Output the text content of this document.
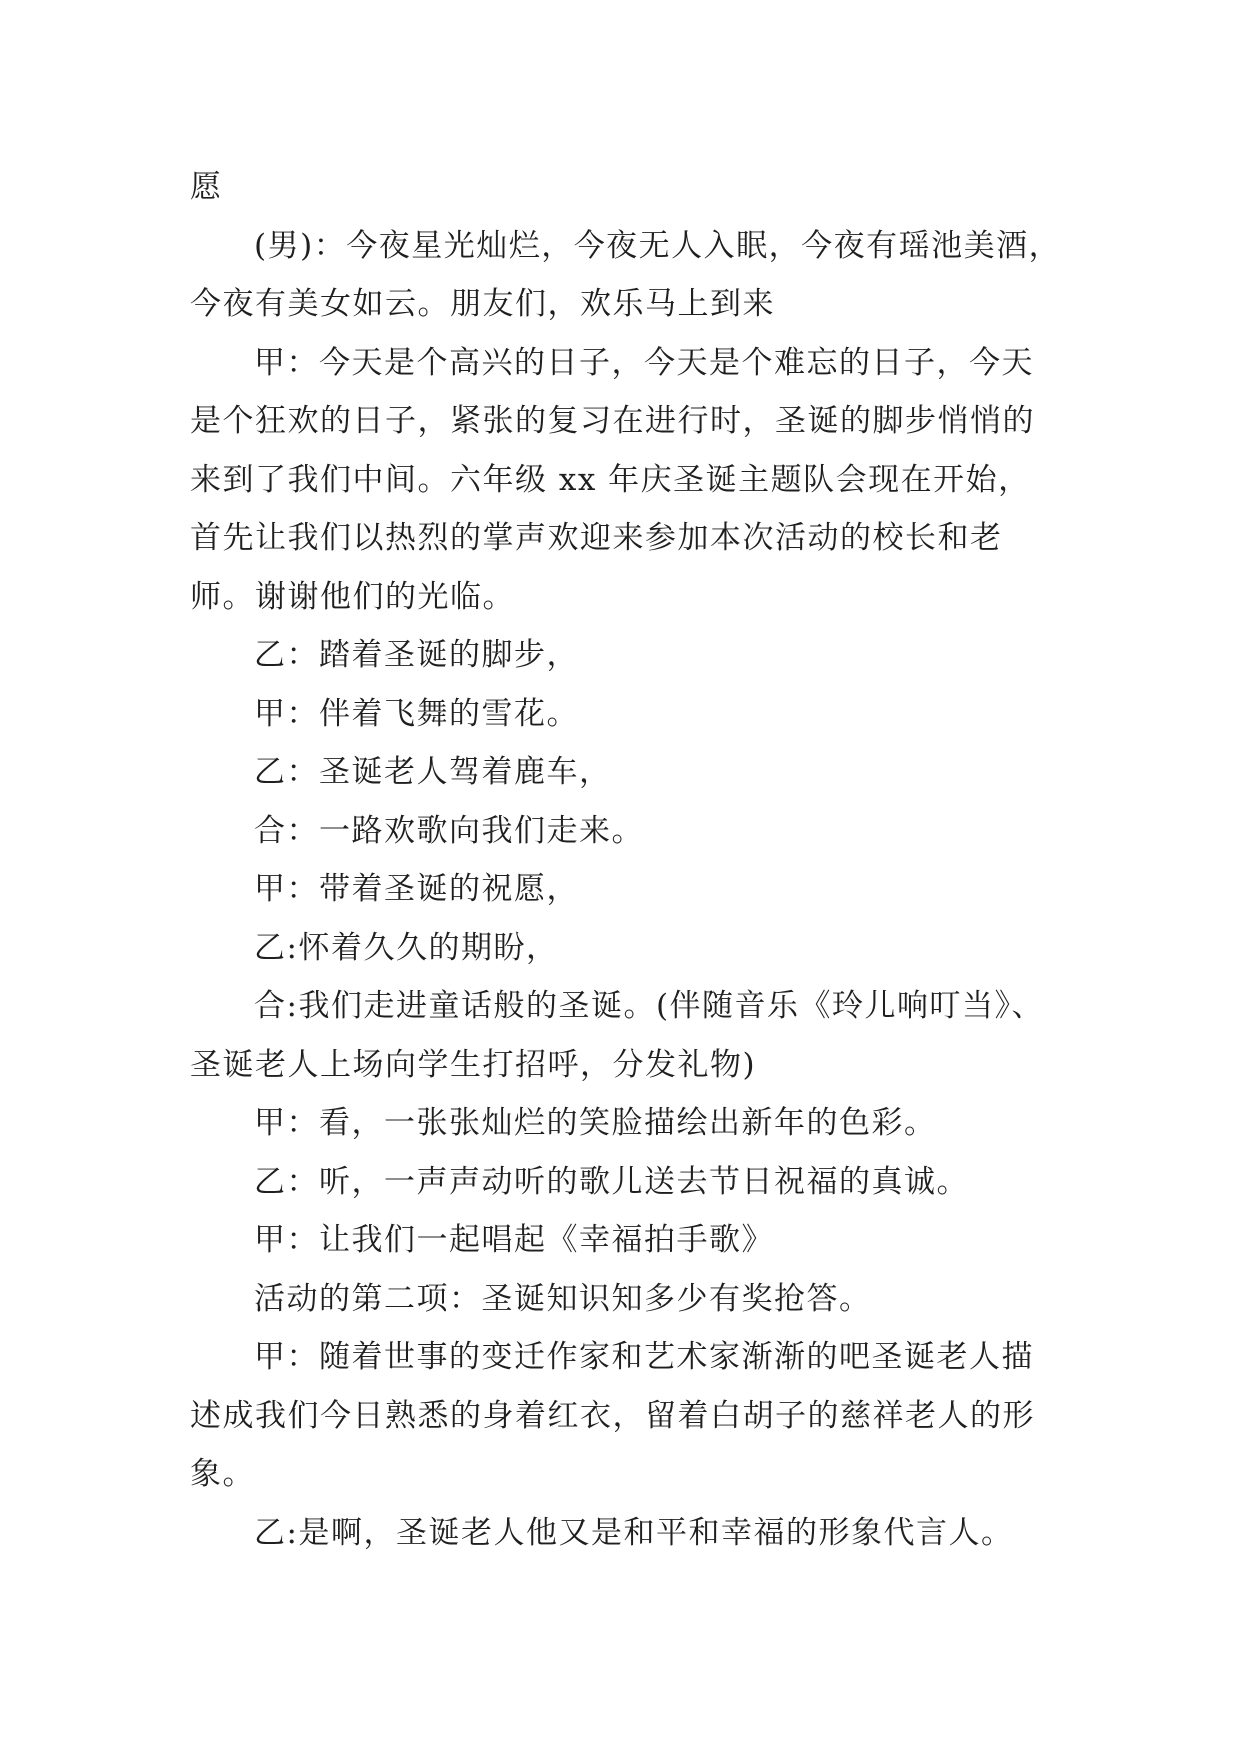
愿
(男)：今夜星光灿烂，今夜无人入眠，今夜有瑶池美酒，
今夜有美女如云。朋友们，欢乐马上到来
甲：今天是个高兴的日子，今天是个难忘的日子，今天
是个狂欢的日子，紧张的复习在进行时，圣诞的脚步悄悄的
来到了我们中间。六年级 xx 年庆圣诞主题队会现在开始，
首先让我们以热烈的掌声欢迎来参加本次活动的校长和老
师。谢谢他们的光临。
乙：踏着圣诞的脚步，
甲：伴着飞舞的雪花。
乙：圣诞老人驾着鹿车，
合：一路欢歌向我们走来。
甲：带着圣诞的祝愿，
乙:怀着久久的期盼，
合:我们走进童话般的圣诞。(伴随音乐《玲儿响叮当》、
圣诞老人上场向学生打招呼，分发礼物)
甲：看，一张张灿烂的笑脸描绘出新年的色彩。
乙：听，一声声动听的歌儿送去节日祝福的真诚。
甲：让我们一起唱起《幸福拍手歌》
活动的第二项：圣诞知识知多少有奖抢答。
甲：随着世事的变迁作家和艺术家渐渐的吧圣诞老人描
述成我们今日熟悉的身着红衣，留着白胡子的慈祥老人的形
象。
乙:是啊，圣诞老人他又是和平和幸福的形象代言人。
